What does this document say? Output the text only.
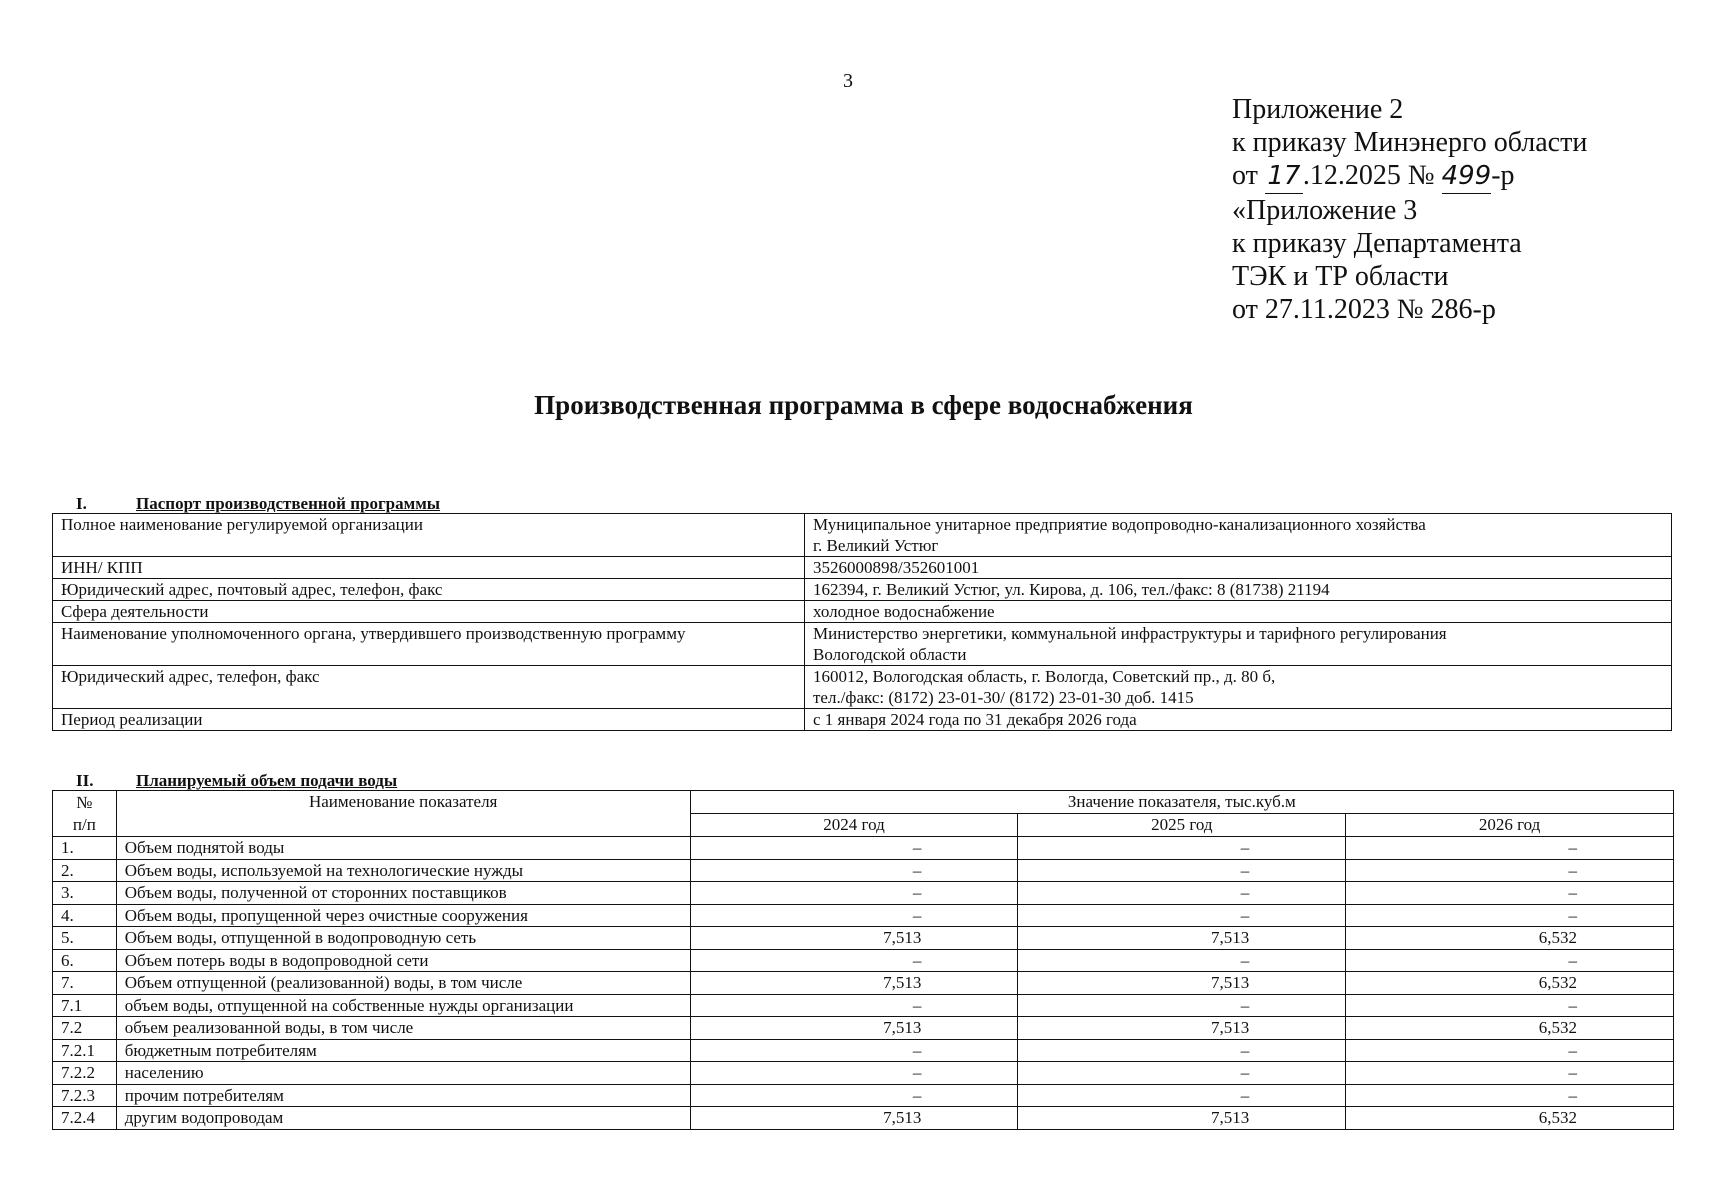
3
Приложение 2
к приказу Минэнерго области
от 17.12.2025 № 499-р
«Приложение 3
к приказу Департамента
ТЭК и ТР области
от 27.11.2023 № 286-р
Производственная программа в сфере водоснабжения
I.	Паспорт производственной программы
Полное наименование регулируемой организации	Муниципальное унитарное предприятие водопроводно-канализационного хозяйства
г. Великий Устюг

ИНН/ КПП	3526000898/352601001

Юридический адрес, почтовый адрес, телефон, факс	162394, г. Великий Устюг, ул. Кирова, д. 106, тел./факс: 8 (81738) 21194

Сфера деятельности	холодное водоснабжение

Наименование уполномоченного органа, утвердившего производственную программу	Министерство энергетики, коммунальной инфраструктуры и тарифного регулирования
Вологодской области

Юридический адрес, телефон, факс	160012, Вологодская область, г. Вологда, Советский пр., д. 80 б,
тел./факс: (8172) 23-01-30/ (8172) 23-01-30 доб. 1415

Период реализации	с 1 января 2024 года по 31 декабря 2026 года
II.	Планируемый объем подачи воды
№
п/п	Наименование показателя	Значение показателя, тыс.куб.м		
		2024 год	2025 год	2026 год
1.	Объем поднятой воды	–	–	–
2.	Объем воды, используемой на технологические нужды	–	–	–
3.	Объем воды, полученной от сторонних поставщиков	–	–	–
4.	Объем воды, пропущенной через очистные сооружения	–	–	–
5.	Объем воды, отпущенной в водопроводную сеть	7,513	7,513	6,532
6.	Объем потерь воды в водопроводной сети	–	–	–
7.	Объем отпущенной (реализованной) воды, в том числе	7,513	7,513	6,532
7.1	объем воды, отпущенной на собственные нужды организации	–	–	–
7.2	объем реализованной воды, в том числе	7,513	7,513	6,532
7.2.1	бюджетным потребителям	–	–	–
7.2.2	населению	–	–	–
7.2.3	прочим потребителям	–	–	–
7.2.4	другим водопроводам	7,513	7,513	6,532
